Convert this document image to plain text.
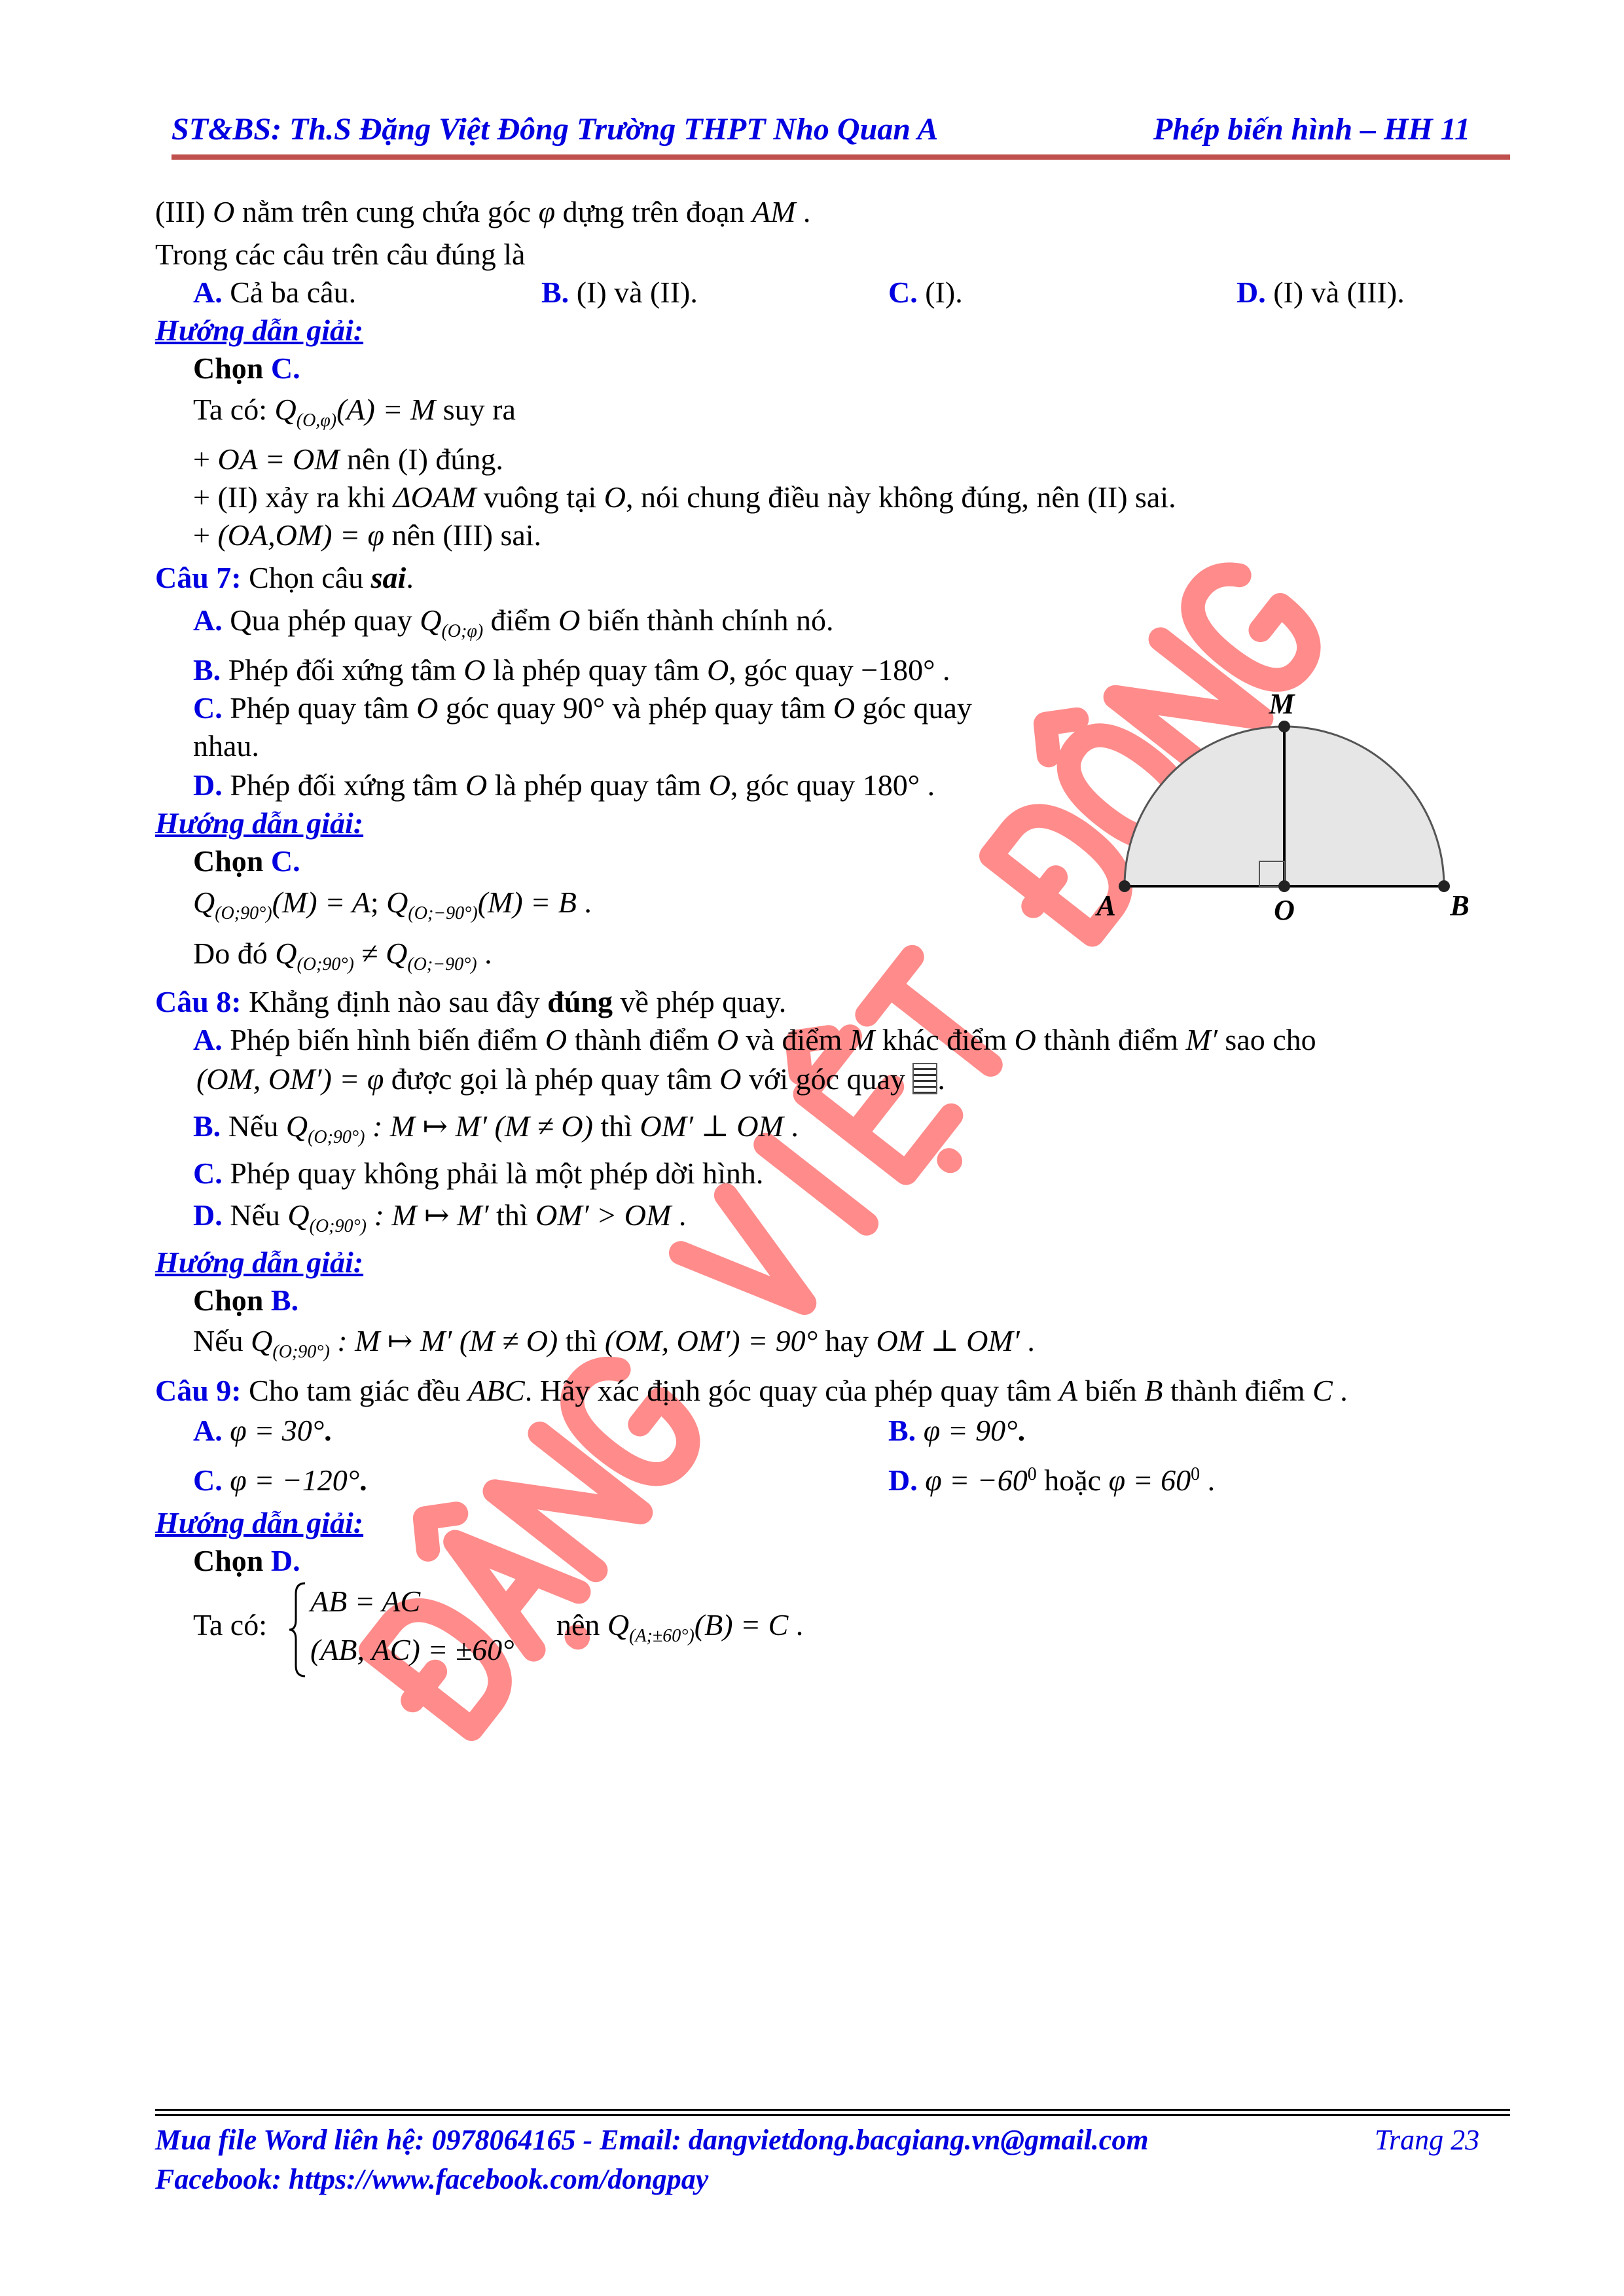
ST&BS: Th.S Đặng Việt Đông Trường THPT Nho Quan A	Phép biến hình – HH 11
(III) O nằm trên cung chứa góc φ dựng trên đoạn AM .
Trong các câu trên câu đúng là
A. Cả ba câu.	B. (I) và (II).	C. (I).	D. (I) và (III).
Hướng dẫn giải:
Chọn C.
Ta có: $Q_{(O,\varphi)}(A) = M$ suy ra
+ OA = OM nên (I) đúng.
+ (II) xảy ra khi ΔOAM vuông tại O, nói chung điều này không đúng, nên (II) sai.
+ (OA,OM) = φ nên (III) sai.
Câu 7: Chọn câu sai.
A. Qua phép quay $Q_{(O;\varphi)}$ điểm O biến thành chính nó.
B. Phép đối xứng tâm O là phép quay tâm O, góc quay −180° .
C. Phép quay tâm O góc quay 90° và phép quay tâm O góc quay
nhau.
D. Phép đối xứng tâm O là phép quay tâm O, góc quay 180° .
Hướng dẫn giải:
Chọn C.
$Q_{(O;90^\circ)}(M) = A$; $Q_{(O;-90^\circ)}(M) = B$ .
Do đó $Q_{(O;90^\circ)} \ne Q_{(O;-90^\circ)}$ .
Câu 8: Khẳng định nào sau đây đúng về phép quay.
A. Phép biến hình biến điểm O thành điểm O và điểm M khác điểm O thành điểm M′ sao cho
(OM, OM′) = φ được gọi là phép quay tâm O với góc quay .
B. Nếu $Q_{(O;90^\circ)}$ : M ↦ M′ (M ≠ O) thì OM′ ⊥ OM .
C. Phép quay không phải là một phép dời hình.
D. Nếu $Q_{(O;90^\circ)}$ : M ↦ M′ thì OM′ > OM .
Hướng dẫn giải:
Chọn B.
Nếu $Q_{(O;90^\circ)}$ : M ↦ M′ (M ≠ O) thì (OM, OM′) = 90° hay OM ⊥ OM′ .
Câu 9: Cho tam giác đều ABC. Hãy xác định góc quay của phép quay tâm A biến B thành điểm C .
A. φ = 30°.	B. φ = 90°.
C. φ = −120°.	D. $\varphi = -60^0$ hoặc $\varphi = 60^0$ .
Hướng dẫn giải:
Chọn D.
Ta có:
AB = AC
(AB, AC) = ±60°
nên $Q_{(A;\pm 60^\circ)}(B) = C$ .
M
A	O	B
Mua file Word liên hệ: 0978064165 - Email: dangvietdong.bacgiang.vn@gmail.com
Facebook: https://www.facebook.com/dongpay
Trang 23
